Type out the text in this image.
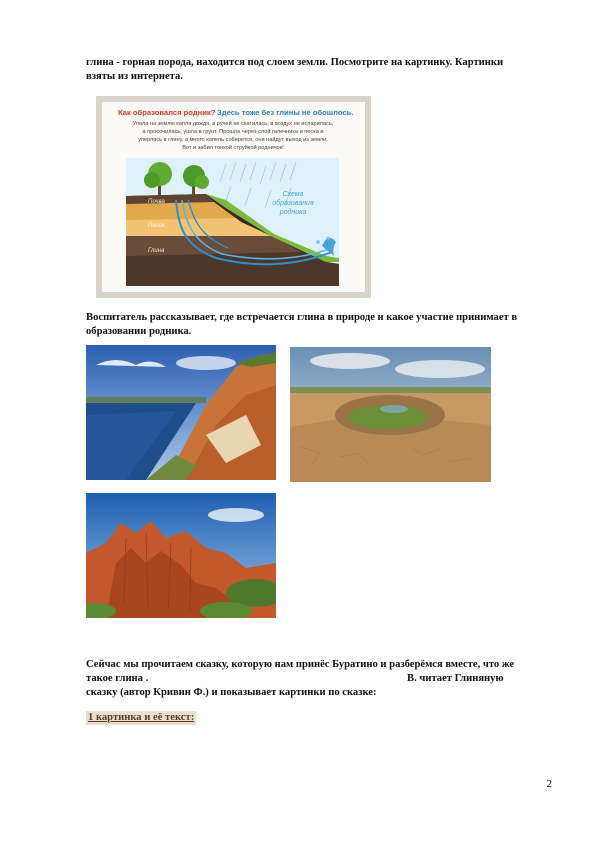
глина - горная порода, находится под слоем земли. Посмотрите на картинку. Картинки
взяты из интернета.
Как образовался родник? Здесь тоже без глины не обошлось.
Упала на землю капля дождя, в ручей не скатилась, в воздух не испарилась,
а просочилась, ушла в грунт. Прошла через слой галечника и песка и
уперлась в глину, а много капель соберется, они найдут выход из земли.
Вот и забил тонкой струйкой родничок!
Почва
Песок
Глина
Схема
образования
родника
Воспитатель рассказывает, где встречается глина в природе и какое участие принимает в
образовании родника.
Сейчас мы прочитаем сказку, которую нам принёс Буратино и разберёмся вместе, что же
такое глина .	В. читает Глиняную
сказку (автор Кривин Ф.) и показывает картинки по сказке:
1 картинка и её текст:
2
